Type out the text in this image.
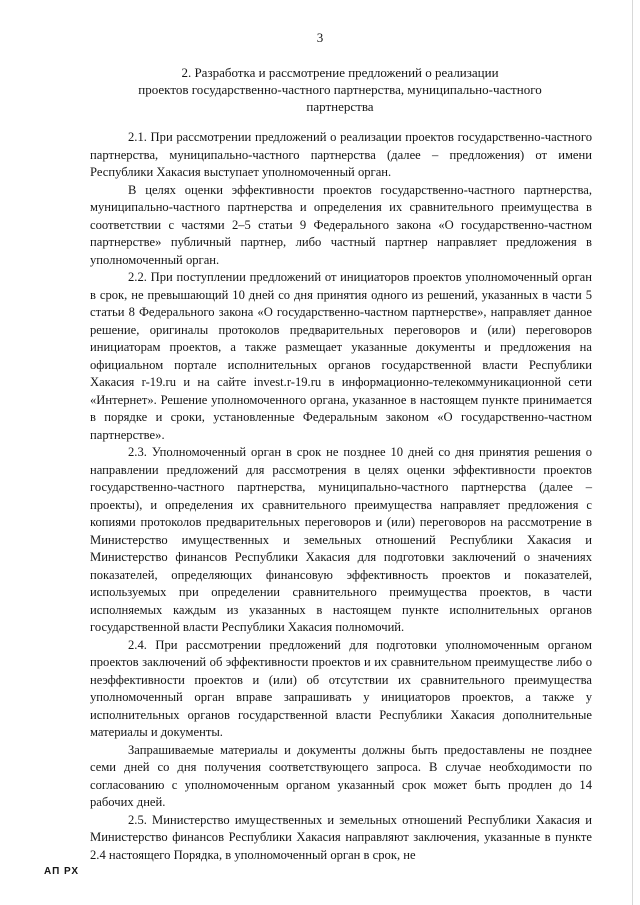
3
2. Разработка и рассмотрение предложений о реализации
проектов государственно-частного партнерства, муниципально-частного
партнерства

2.1. При рассмотрении предложений о реализации проектов государственно-частного партнерства, муниципально-частного партнерства (далее – предложения) от имени Республики Хакасия выступает уполномоченный орган.

В целях оценки эффективности проектов государственно-частного партнерства, муниципально-частного партнерства и определения их сравнительного преимущества в соответствии с частями 2–5 статьи 9 Федерального закона «О государственно-частном партнерстве» публичный партнер, либо частный партнер направляет предложения в уполномоченный орган.

2.2. При поступлении предложений от инициаторов проектов уполномоченный орган в срок, не превышающий 10 дней со дня принятия одного из решений, указанных в части 5 статьи 8 Федерального закона «О государственно-частном партнерстве», направляет данное решение, оригиналы протоколов предварительных переговоров и (или) переговоров инициаторам проектов, а также размещает указанные документы и предложения на официальном портале исполнительных органов государственной власти Республики Хакасия r-19.ru и на сайте invest.r-19.ru в информационно-телекоммуникационной сети «Интернет». Решение уполномоченного органа, указанное в настоящем пункте принимается в порядке и сроки, установленные Федеральным законом «О государственно-частном партнерстве».

2.3. Уполномоченный орган в срок не позднее 10 дней со дня принятия решения о направлении предложений для рассмотрения в целях оценки эффективности проектов государственно-частного партнерства, муниципально-частного партнерства (далее – проекты), и определения их сравнительного преимущества направляет предложения с копиями протоколов предварительных переговоров и (или) переговоров на рассмотрение в Министерство имущественных и земельных отношений Республики Хакасия и Министерство финансов Республики Хакасия для подготовки заключений о значениях показателей, определяющих финансовую эффективность проектов и показателей, используемых при определении сравнительного преимущества проектов, в части исполняемых каждым из указанных в настоящем пункте исполнительных органов государственной власти Республики Хакасия полномочий.

2.4. При рассмотрении предложений для подготовки уполномоченным органом проектов заключений об эффективности проектов и их сравнительном преимуществе либо о неэффективности проектов и (или) об отсутствии их сравнительного преимущества уполномоченный орган вправе запрашивать у инициаторов проектов, а также у исполнительных органов государственной власти Республики Хакасия дополнительные материалы и документы.

Запрашиваемые материалы и документы должны быть предоставлены не позднее семи дней со дня получения соответствующего запроса. В случае необходимости по согласованию с уполномоченным органом указанный срок может быть продлен до 14 рабочих дней.

2.5. Министерство имущественных и земельных отношений Республики Хакасия и Министерство финансов Республики Хакасия направляют заключения, указанные в пункте 2.4 настоящего Порядка, в уполномоченный орган в срок, не

АП РХ
